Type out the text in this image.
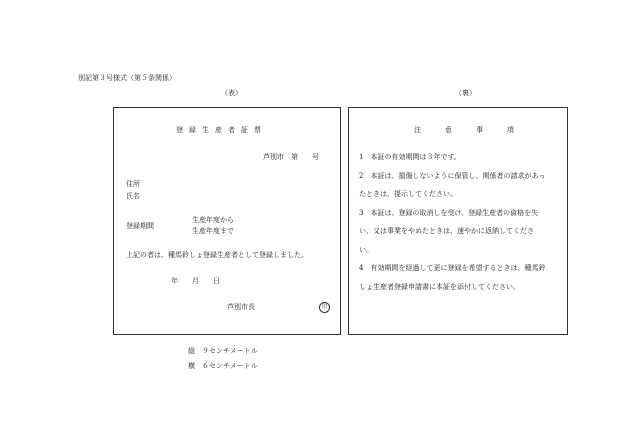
別記第３号様式（第５条関係）
（表）	（裏）
登録生産者証票
芦別市　第　　号
住所
氏名
登録期間
生産年度から
生産年度まで
上記の者は、種馬鈴しょ登録生産者として登録しました。
年　　月　　日
芦別市長	印
注意事項
1　本証の有効期間は３年です。
2　本証は、損傷しないように保管し、関係者の請求があっ
たときは、提示してください。
3　本証は、登録の取消しを受け、登録生産者の資格を失
い、又は事業をやめたときは、速やかに返納してくださ
い。
4　有効期間を経過して更に登録を希望するときは、種馬鈴
しょ生産者登録申請書に本証を添付してください。
縦　９センチメートル
横　６センチメートル
